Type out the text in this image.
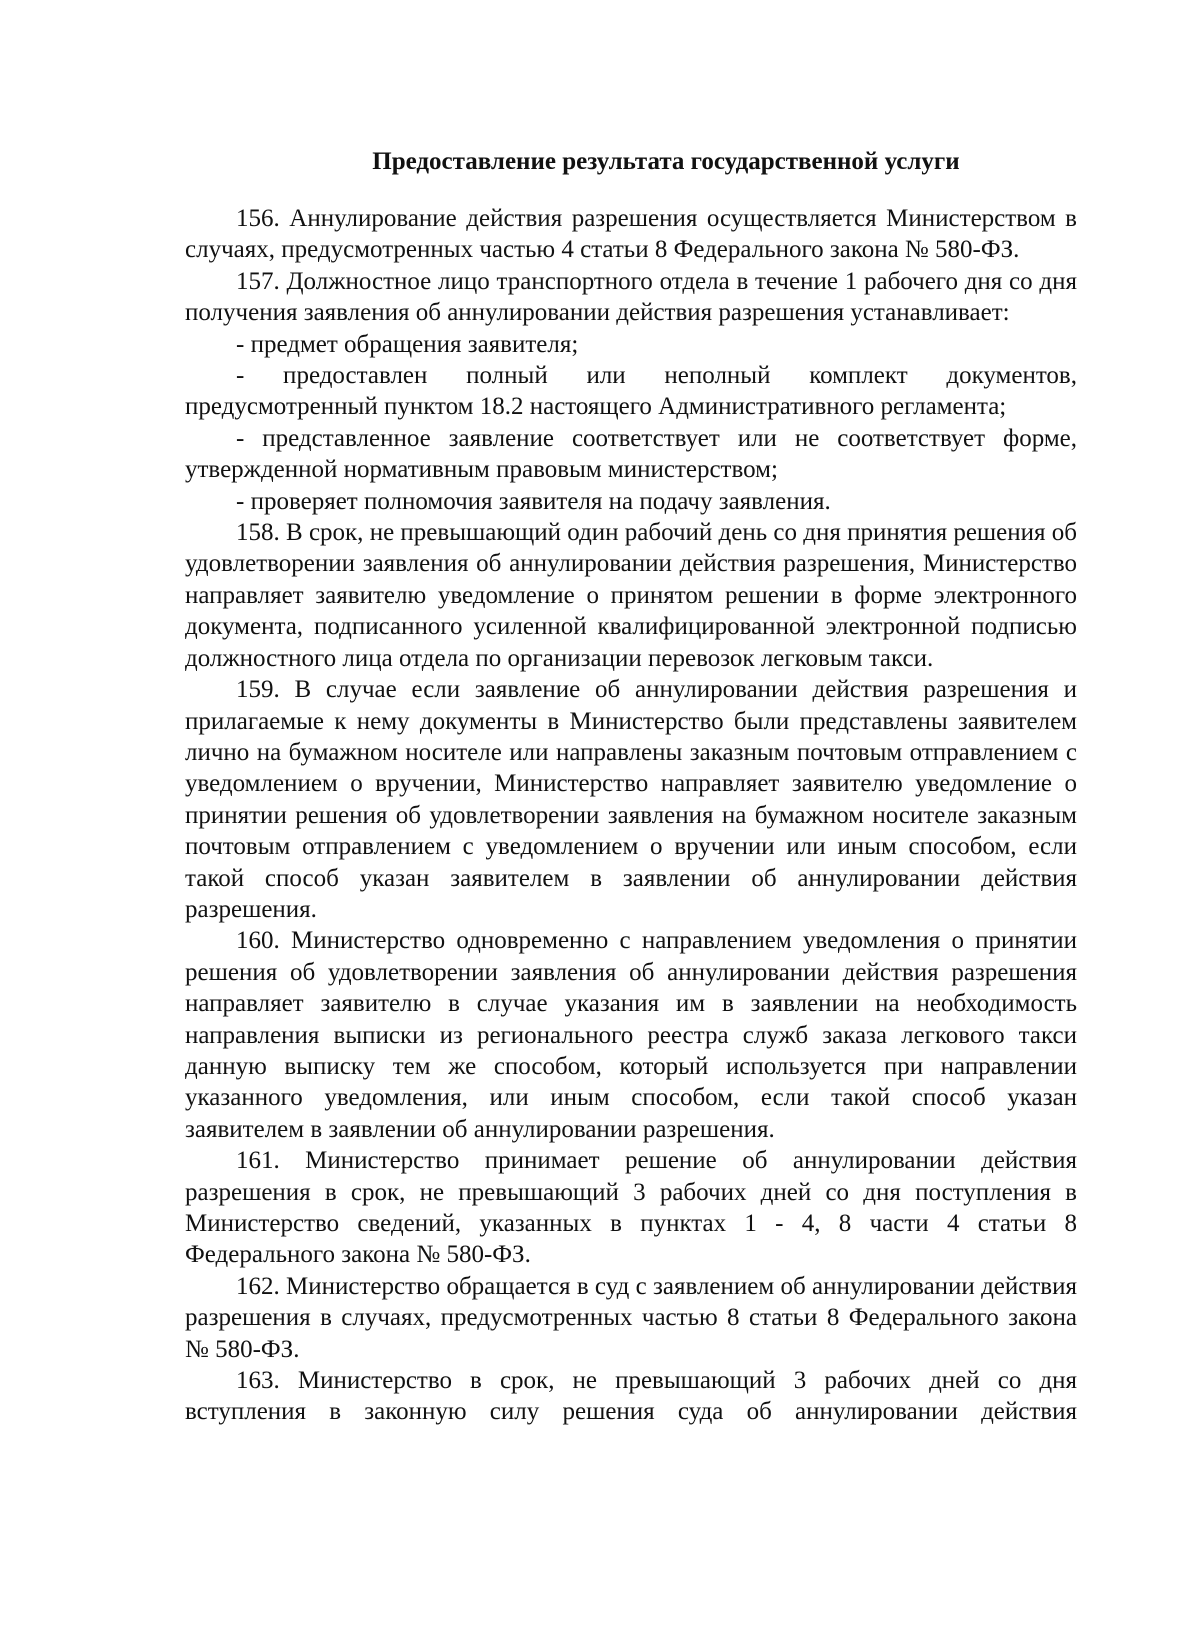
Предоставление результата государственной услуги

156. Аннулирование действия разрешения осуществляется Министерством в случаях, предусмотренных частью 4 статьи 8 Федерального закона № 580-ФЗ.

157. Должностное лицо транспортного отдела в течение 1 рабочего дня со дня получения заявления об аннулировании действия разрешения устанавливает:

- предмет обращения заявителя;

- предоставлен полный или неполный комплект документов, предусмотренный пунктом 18.2 настоящего Административного регламента;

- представленное заявление соответствует или не соответствует форме, утвержденной нормативным правовым министерством;

- проверяет полномочия заявителя на подачу заявления.

158. В срок, не превышающий один рабочий день со дня принятия решения об удовлетворении заявления об аннулировании действия разрешения, Министерство направляет заявителю уведомление о принятом решении в форме электронного документа, подписанного усиленной квалифицированной электронной подписью должностного лица отдела по организации перевозок легковым такси.

159. В случае если заявление об аннулировании действия разрешения и прилагаемые к нему документы в Министерство были представлены заявителем лично на бумажном носителе или направлены заказным почтовым отправлением с уведомлением о вручении, Министерство направляет заявителю уведомление о принятии решения об удовлетворении заявления на бумажном носителе заказным почтовым отправлением с уведомлением о вручении или иным способом, если такой способ указан заявителем в заявлении об аннулировании действия разрешения.

160. Министерство одновременно с направлением уведомления о принятии решения об удовлетворении заявления об аннулировании действия разрешения направляет заявителю в случае указания им в заявлении на необходимость направления выписки из регионального реестра служб заказа легкового такси данную выписку тем же способом, который используется при направлении указанного уведомления, или иным способом, если такой способ указан заявителем в заявлении об аннулировании разрешения.

161. Министерство принимает решение об аннулировании действия разрешения в срок, не превышающий 3 рабочих дней со дня поступления в Министерство сведений, указанных в пунктах 1 - 4, 8 части 4 статьи 8 Федерального закона № 580-ФЗ.

162. Министерство обращается в суд с заявлением об аннулировании действия разрешения в случаях, предусмотренных частью 8 статьи 8 Федерального закона № 580-ФЗ.

163. Министерство в срок, не превышающий 3 рабочих дней со дня вступления в законную силу решения суда об аннулировании действия
